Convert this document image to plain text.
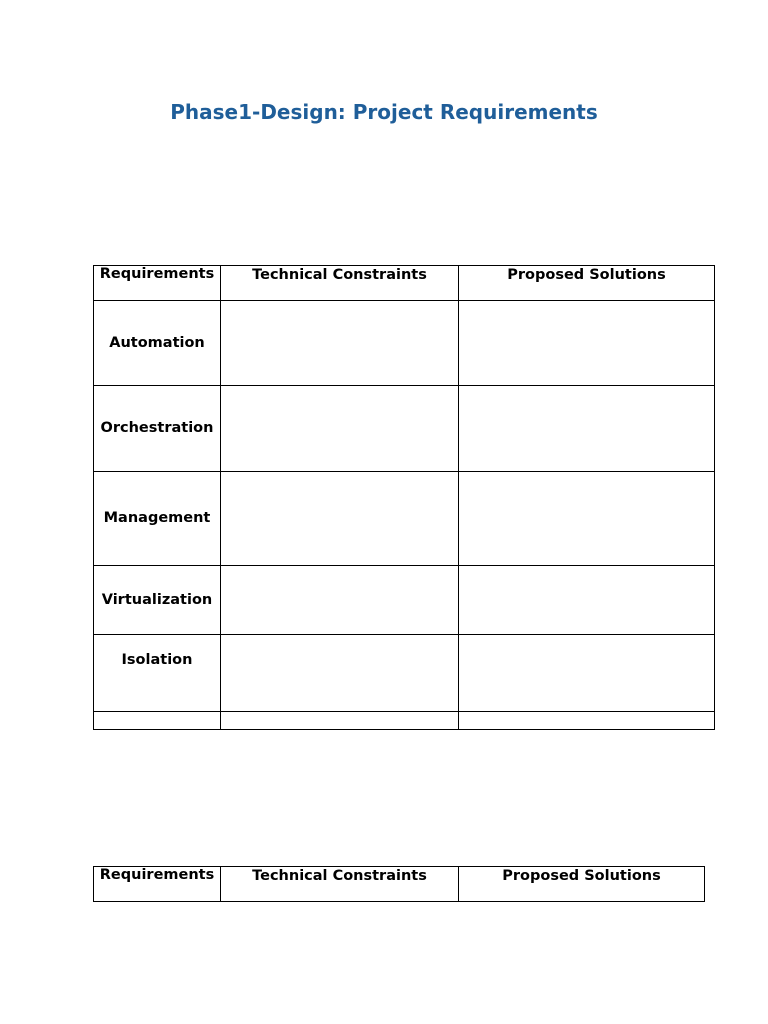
Phase1-Design: Project Requirements
Requirements	Technical Constraints	Proposed Solutions
Automation		
Orchestration		
Management		
Virtualization		
Isolation		

Requirements	Technical Constraints	Proposed Solutions
